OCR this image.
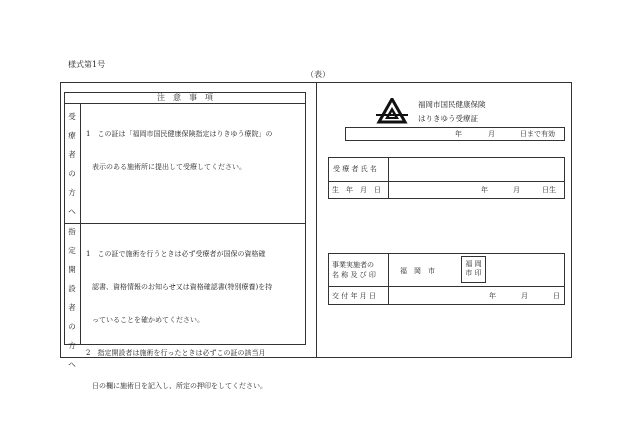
様式第1号
（表）
注　意　事　項
受
療
者
の
方
へ

1　この証は「福岡市国民健康保険指定はりきゆう療院」の

表示のある施術所に提出して受療してください。

指
定
開
設
者
の
方
へ

1　この証で施術を行うときは必ず受療者が国保の資格確

認書、資格情報のお知らせ又は資格確認書(特別療養)を持

っていることを確かめてください。

2　指定開設者は施術を行ったときは必ずこの証の該当月

日の欄に施術日を記入し、所定の押印をしてください。

福岡市国民健康保険
はりきゆう受療証
年	月	日まで有効
受 療 者 氏 名
生　年　月　日	年	月	日生
事業実施者の
名 称 及 び 印	福　岡　市
福 岡
市 印
交 付 年 月 日	年	月	日
